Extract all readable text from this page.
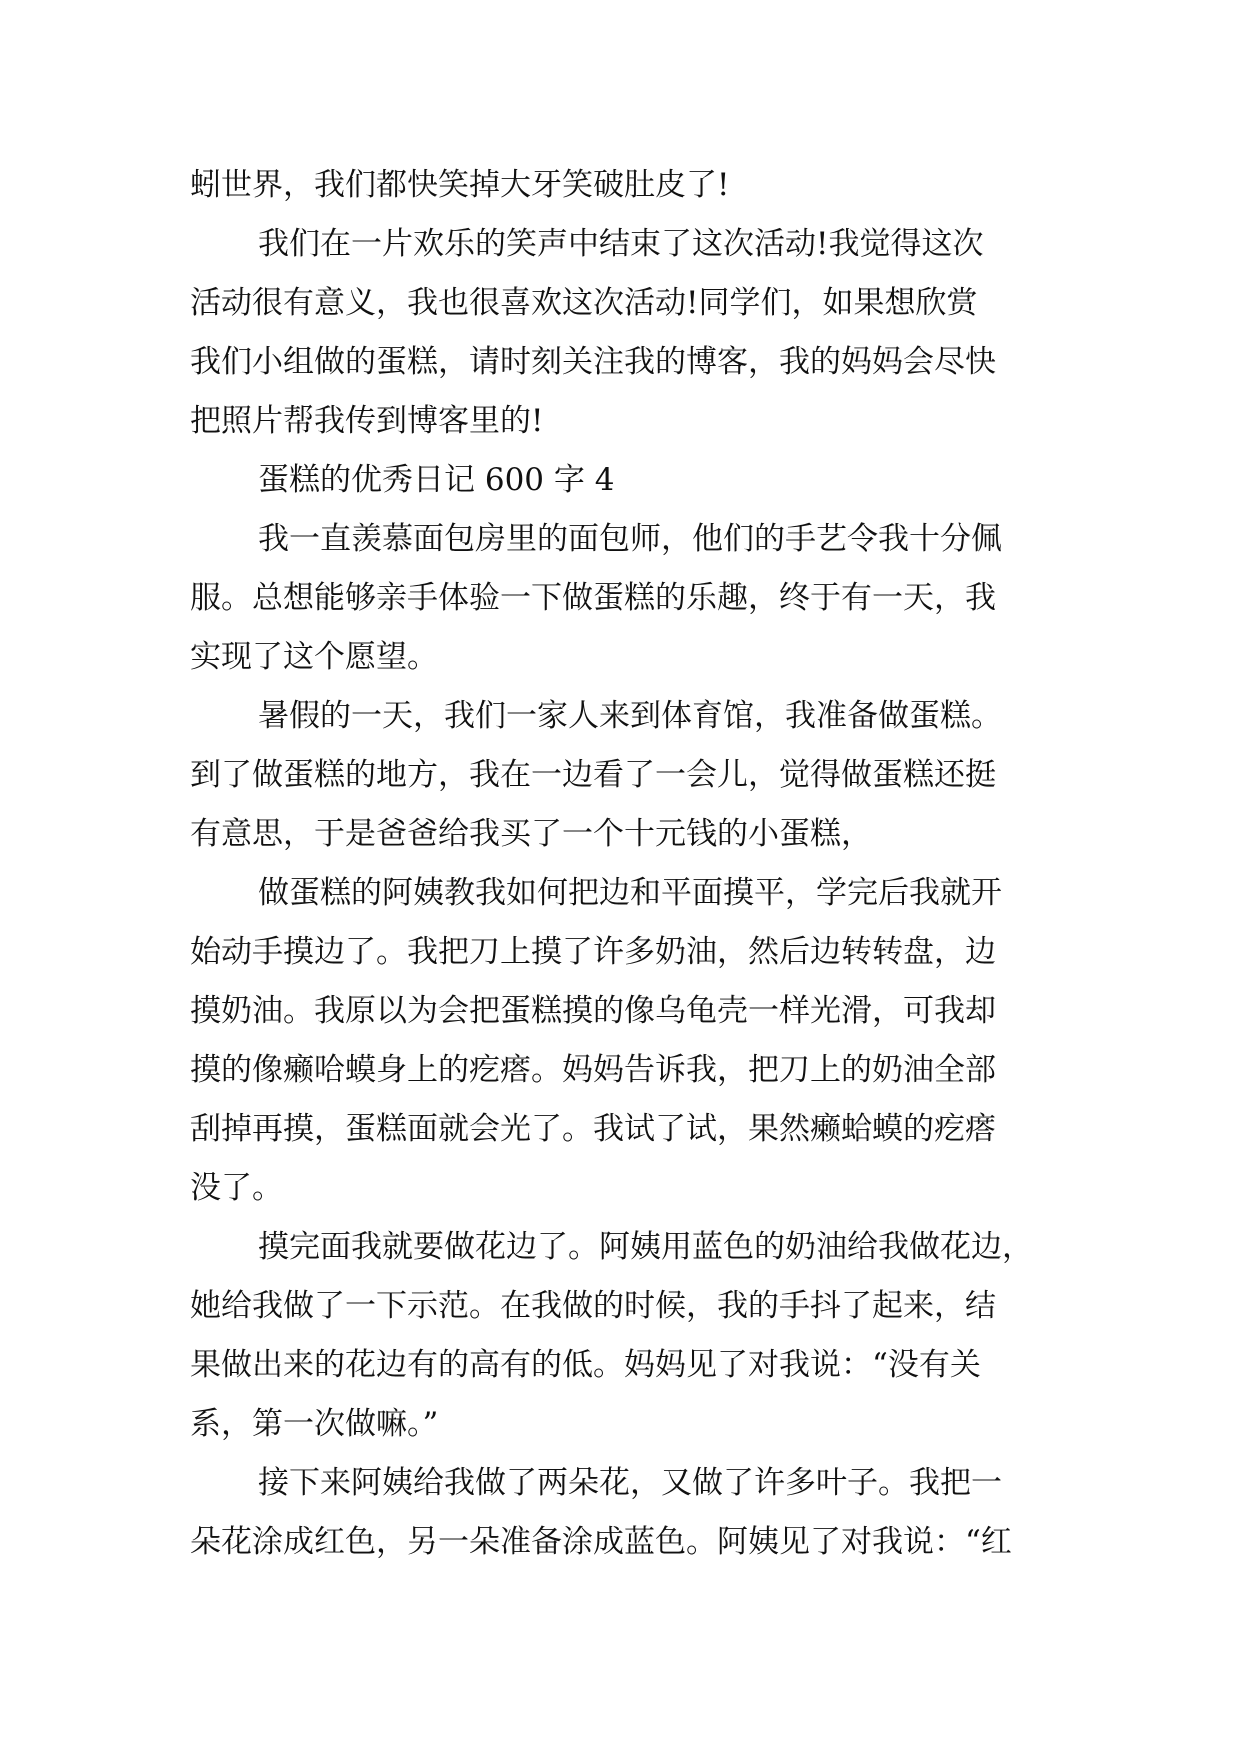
蚓世界，我们都快笑掉大牙笑破肚皮了!
我们在一片欢乐的笑声中结束了这次活动!我觉得这次
活动很有意义，我也很喜欢这次活动!同学们，如果想欣赏
我们小组做的蛋糕，请时刻关注我的博客，我的妈妈会尽快
把照片帮我传到博客里的!
蛋糕的优秀日记 600 字 4
我一直羡慕面包房里的面包师，他们的手艺令我十分佩
服。总想能够亲手体验一下做蛋糕的乐趣，终于有一天，我
实现了这个愿望。
暑假的一天，我们一家人来到体育馆，我准备做蛋糕。
到了做蛋糕的地方，我在一边看了一会儿，觉得做蛋糕还挺
有意思，于是爸爸给我买了一个十元钱的小蛋糕，
做蛋糕的阿姨教我如何把边和平面摸平，学完后我就开
始动手摸边了。我把刀上摸了许多奶油，然后边转转盘，边
摸奶油。我原以为会把蛋糕摸的像乌龟壳一样光滑，可我却
摸的像癞哈蟆身上的疙瘩。妈妈告诉我，把刀上的奶油全部
刮掉再摸，蛋糕面就会光了。我试了试，果然癞蛤蟆的疙瘩
没了。
摸完面我就要做花边了。阿姨用蓝色的奶油给我做花边，
她给我做了一下示范。在我做的时候，我的手抖了起来，结
果做出来的花边有的高有的低。妈妈见了对我说：“没有关
系，第一次做嘛。”
接下来阿姨给我做了两朵花，又做了许多叶子。我把一
朵花涂成红色，另一朵准备涂成蓝色。阿姨见了对我说：“红
